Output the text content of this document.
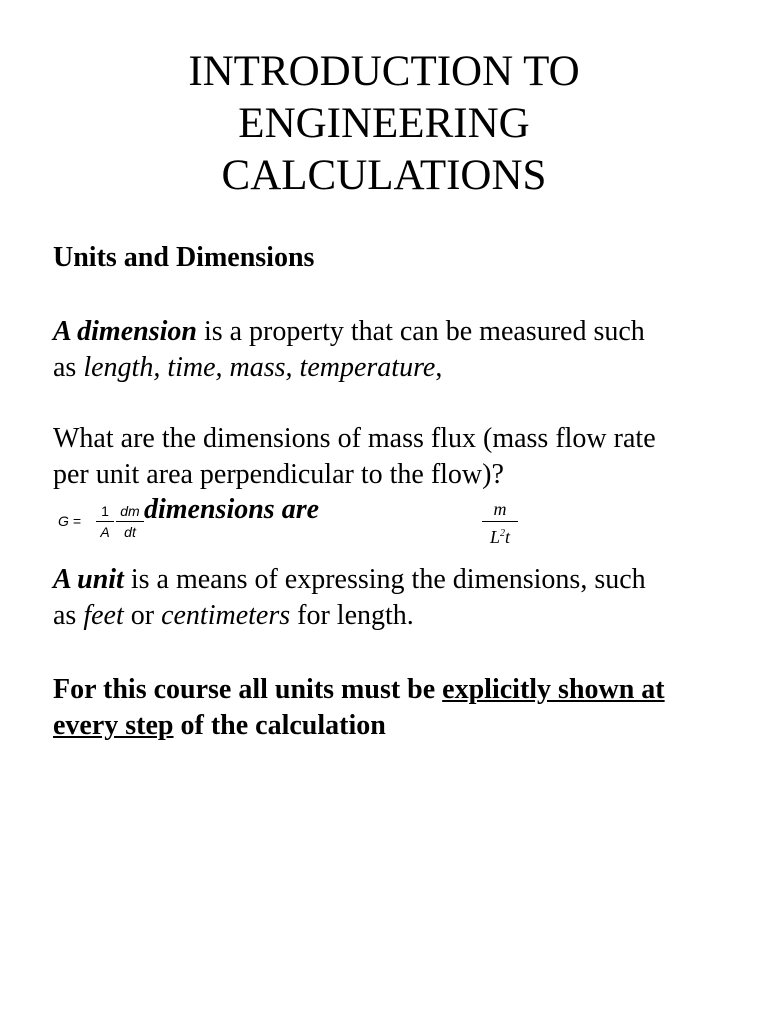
INTRODUCTION TO
ENGINEERING
CALCULATIONS
Units and Dimensions
A dimension is a property that can be measured such
as length, time, mass, temperature,
What are the dimensions of mass flux (mass flow rate
per unit area perpendicular to the flow)?
G =
1
A
dm
dt
dimensions are	m
$L^2t$
A unit is a means of expressing the dimensions, such
as feet or centimeters for length.
For this course all units must be explicitly shown at
every step of the calculation
